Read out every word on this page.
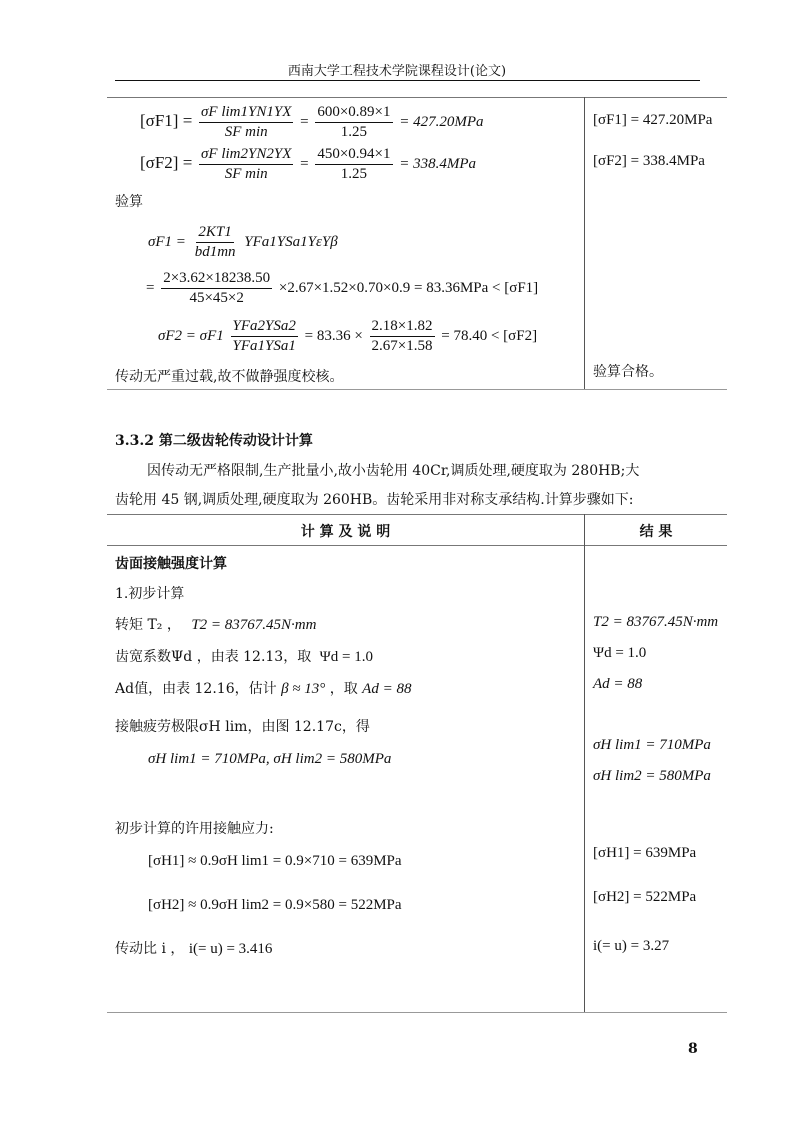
西南大学工程技术学院课程设计(论文)
$[\sigma F1] = \frac{\text{σF lim1YN1YX}}{\text{SF min}} = \frac{600\times 0.89\times 1}{1.25} = 427.20MPa$
$[\sigma F2] = \frac{\text{σF lim2YN2YX}}{\text{SF min}} = \frac{450\times 0.94\times 1}{1.25} = 338.4MPa$
验算
$\sigma F1 = \frac{2KT1}{bd1mn} YFa1YSa1Y\varepsilon Y\beta$
= $\frac{2\times 3.62\times 18238.50}{45\times 45\times 2} \times 2.67\times 1.52\times 0.70\times 0.9 = 83.36MPa < [\sigma F1]$
$\sigma F2 = \sigma F1 \frac{\text{YFa2YSa2}}{\text{YFa1YSa1}} = 83.36 \times \frac{2.18\times 1.82}{2.67\times 1.58} = 78.40 < [\sigma F2]$
传动无严重过载,故不做静强度校核。
[σF1] = 427.20MPa
[σF2] = 338.4MPa
验算合格。
3.3.2 第二级齿轮传动设计计算
因传动无严格限制,生产批量小,故小齿轮用 40Cr,调质处理,硬度取为 280HB;大
齿轮用 45 钢,调质处理,硬度取为 260HB。齿轮采用非对称支承结构.计算步骤如下:
计 算 及 说 明	结 果
齿面接触强度计算
1.初步计算
转矩 T₂ ， T2 = 83767.45N·mm
齿宽系数Ψd ，由表 12.13，取 Ψd = 1.0
Ad值，由表 12.16，估计 β ≈ 13° ，取 Ad = 88
接触疲劳极限σH lim，由图 12.17c，得
σH lim1 = 710MPa, σH lim2 = 580MPa
初步计算的许用接触应力:
[σH1] ≈ 0.9σH lim1 = 0.9×710 = 639MPa
[σH2] ≈ 0.9σH lim2 = 0.9×580 = 522MPa
传动比 i ， i(= u) = 3.416
T2 = 83767.45N·mm
Ψd = 1.0
Ad = 88
σH lim1 = 710MPa
σH lim2 = 580MPa
[σH1] = 639MPa
[σH2] = 522MPa
i(= u) = 3.27
8
